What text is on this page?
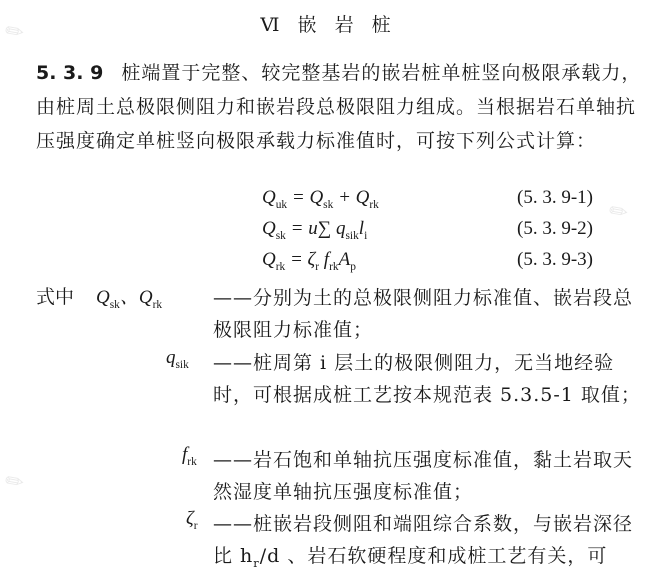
✎
✎
✎
Ⅵ 嵌 岩 桩
5. 3. 9 桩端置于完整、较完整基岩的嵌岩桩单桩竖向极限承载力，由桩周土总极限侧阻力和嵌岩段总极限阻力组成。当根据岩石单轴抗压强度确定单桩竖向极限承载力标准值时，可按下列公式计算：
$Q_{uk} = Q_{sk} + Q_{rk}$	(5. 3. 9-1)
$Q_{sk} = u\sum$ $q_{sik}l_i$	(5. 3. 9-2)
$Q_{rk} = \zeta_r$ $f_{rk}A_p$	(5. 3. 9-3)
式中 $Q_{sk}$、$Q_{rk}$	——分别为土的总极限侧阻力标准值、嵌岩段总极限阻力标准值；
$q_{sik}$ ——桩周第 i 层土的极限侧阻力，无当地经验时，可根据成桩工艺按本规范表 5.3.5-1 取值；
$f_{rk}$ ——岩石饱和单轴抗压强度标准值，黏土岩取天然湿度单轴抗压强度标准值；
$\zeta_r$ ——桩嵌岩段侧阻和端阻综合系数，与嵌岩深径比 $h_r/d$ 、岩石软硬程度和成桩工艺有关，可
